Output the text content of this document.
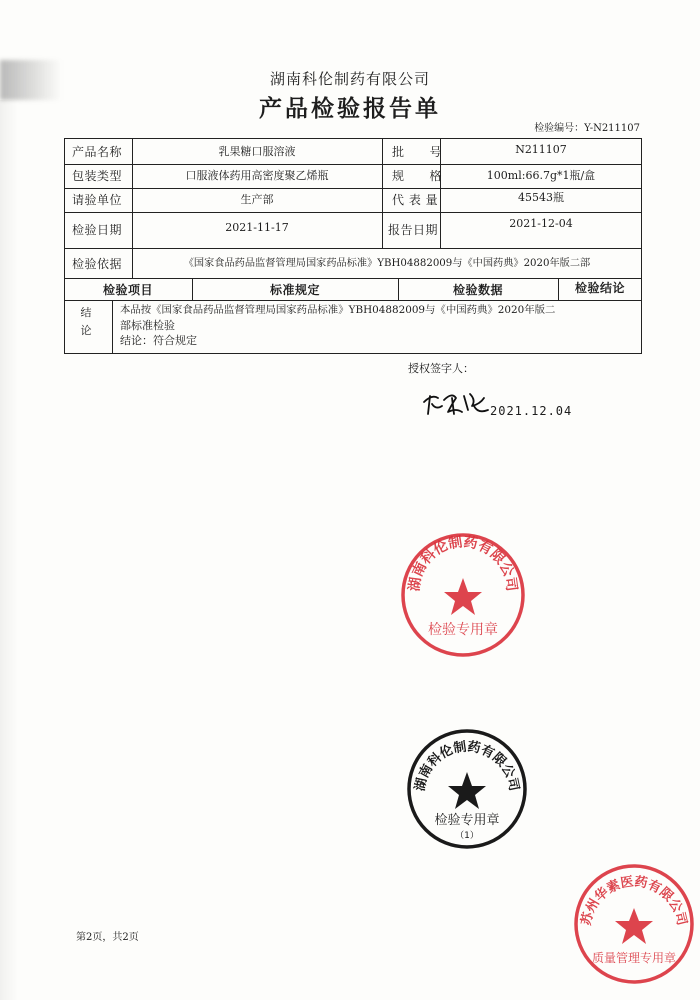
湖南科伦制药有限公司
产品检验报告单
检验编号：Y-N211107
产品名称	乳果糖口服溶液	批　　号	N211107
包装类型	口服液体药用高密度聚乙烯瓶	规　　格	100ml:66.7g*1瓶/盒
请验单位	生产部	代 表 量	45543瓶
检验日期	2021-11-17	报告日期	2021-12-04
检验依据	《国家食品药品监督管理局国家药品标准》YBH04882009与《中国药典》2020年版二部
检验项目	标准规定	检验数据	检验结论
结
论
本品按《国家食品药品监督管理局国家药品标准》YBH04882009与《中国药典》2020年版二
部标准检验
结论：符合规定
授权签字人：
2021.12.04
湖南科伦制药有限公司
检验专用章
湖南科伦制药有限公司
检验专用章
（1）
苏州华素医药有限公司
质量管理专用章
第2页，共2页
